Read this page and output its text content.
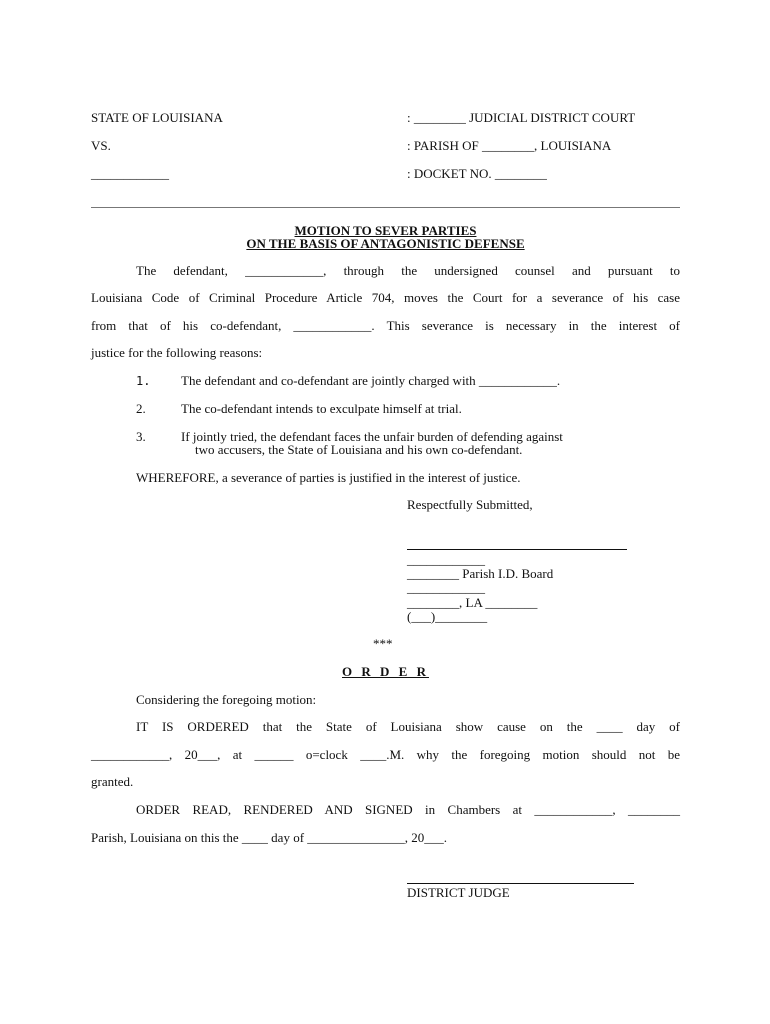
STATE OF LOUISIANA
VS.
____________
: ________ JUDICIAL DISTRICT COURT
: PARISH OF ________, LOUISIANA
: DOCKET NO. ________
MOTION TO SEVER PARTIES
ON THE BASIS OF ANTAGONISTIC DEFENSE
The defendant, ____________, through the undersigned counsel and pursuant to
Louisiana Code of Criminal Procedure Article 704, moves the Court for a severance of his case
from that of his co-defendant, ____________. This severance is necessary in the interest of
justice for the following reasons:
1. The defendant and co-defendant are jointly charged with ____________.
2.	The co-defendant intends to exculpate himself at trial.
3.	If jointly tried, the defendant faces the unfair burden of defending against
two accusers, the State of Louisiana and his own co-defendant.
WHEREFORE, a severance of parties is justified in the interest of justice.
Respectfully Submitted,
____________
________ Parish I.D. Board
____________
________, LA ________
(___)________
***
O R D E R
Considering the foregoing motion:
IT IS ORDERED that the State of Louisiana show cause on the ____ day of
____________, 20___, at ______ o=clock ____.M. why the foregoing motion should not be
granted.
ORDER READ, RENDERED AND SIGNED in Chambers at ____________, ________
Parish, Louisiana on this the ____ day of _______________, 20___.
DISTRICT JUDGE
